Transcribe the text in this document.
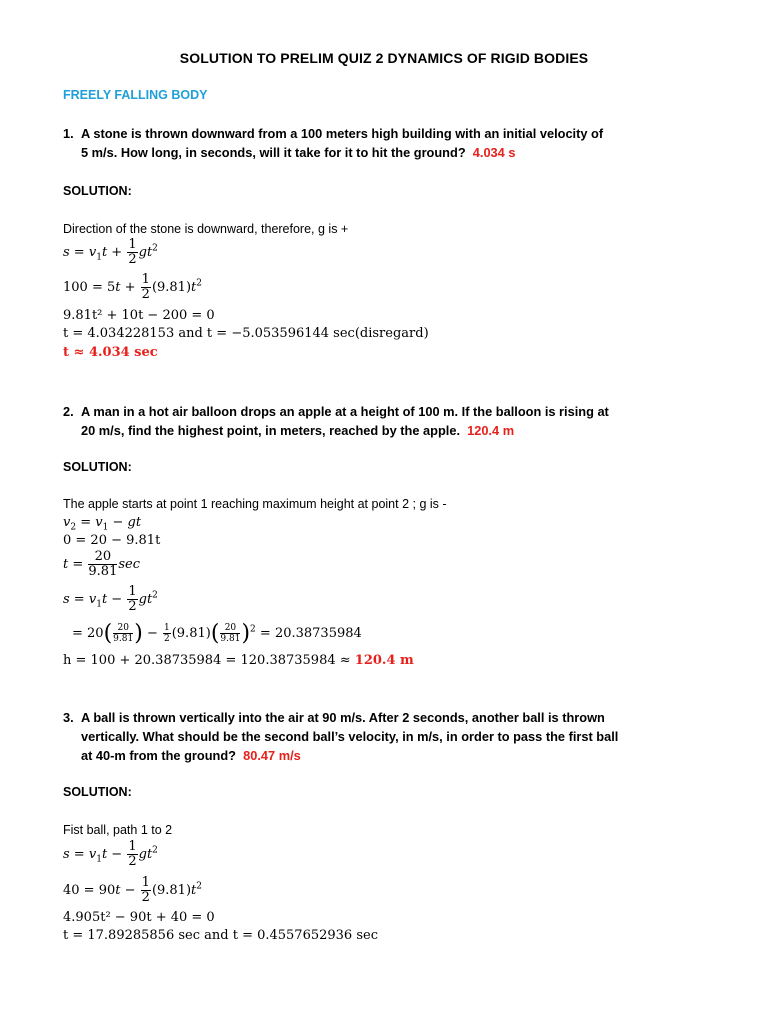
SOLUTION TO PRELIM QUIZ 2 DYNAMICS OF RIGID BODIES
FREELY FALLING BODY
1. A stone is thrown downward from a 100 meters high building with an initial velocity of
5 m/s. How long, in seconds, will it take for it to hit the ground? 4.034 s
SOLUTION:
Direction of the stone is downward, therefore, g is +
$s = v_1t + \frac{1}{2} gt^2$
$100 = 5t + \frac{1}{2} (9.81)t^2$
9.81t² + 10t − 200 = 0
t = 4.034228153 and t = −5.053596144 sec(disregard)
t ≈ 4.034 sec
2. A man in a hot air balloon drops an apple at a height of 100 m. If the balloon is rising at
20 m/s, find the highest point, in meters, reached by the apple. 120.4 m
SOLUTION:
The apple starts at point 1 reaching maximum height at point 2 ; g is -
$v_2 = v_1$ − gt
0 = 20 − 9.81t
$t = \frac{20}{9.81}$ sec
$s = v_1t - \frac{1}{2} gt^2$
= $20( \frac{20}{9.81}$ ) − $\frac{1}{2} (9.81)( \frac{20}{9.81} )^2 = 20.38735984$
h = 100 + 20.38735984 = 120.38735984 ≈ 120.4 m
3. A ball is thrown vertically into the air at 90 m/s. After 2 seconds, another ball is thrown
vertically. What should be the second ball’s velocity, in m/s, in order to pass the first ball
at 40-m from the ground? 80.47 m/s
SOLUTION:
Fist ball, path 1 to 2
$s = v_1t - \frac{1}{2} gt^2$
$40 = 90t - \frac{1}{2} (9.81)t^2$
4.905t² − 90t + 40 = 0
t = 17.89285856 sec and t = 0.4557652936 sec
